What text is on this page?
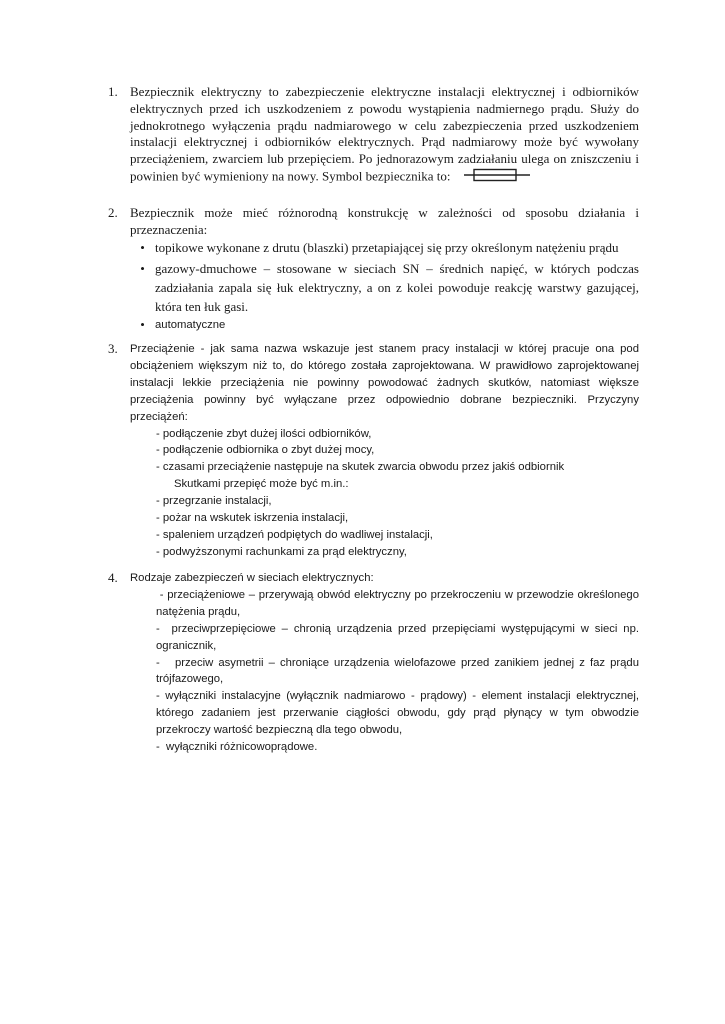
1. Bezpiecznik elektryczny to zabezpieczenie elektryczne instalacji elektrycznej i odbiorników elektrycznych przed ich uszkodzeniem z powodu wystąpienia nadmiernego prądu. Służy do jednokrotnego wyłączenia prądu nadmiarowego w celu zabezpieczenia przed uszkodzeniem instalacji elektrycznej i odbiorników elektrycznych. Prąd nadmiarowy może być wywołany przeciążeniem, zwarciem lub przepięciem. Po jednorazowym zadziałaniu ulega on zniszczeniu i powinien być wymieniony na nowy. Symbol bezpiecznika to:
2. Bezpiecznik może mieć różnorodną konstrukcję w zależności od sposobu działania i przeznaczenia:

• topikowe wykonane z drutu (blaszki) przetapiającej się przy określonym natężeniu prądu
• gazowy-dmuchowe – stosowane w sieciach SN – średnich napięć, w których podczas zadziałania zapala się łuk elektryczny, a on z kolei powoduje reakcję warstwy gazującej, która ten łuk gasi.
• automatyczne
3.	Przeciążenie - jak sama nazwa wskazuje jest stanem pracy instalacji w której pracuje ona pod obciążeniem większym niż to, do którego została zaprojektowana. W prawidłowo zaprojektowanej instalacji lekkie przeciążenia nie powinny powodować żadnych skutków, natomiast większe przeciążenia powinny być wyłączane przez odpowiednio dobrane bezpieczniki. Przyczyny przeciążeń:

- podłączenie zbyt dużej ilości odbiorników,

- podłączenie odbiornika o zbyt dużej mocy,

- czasami przeciążenie następuje na skutek zwarcia obwodu przez jakiś odbiornik

Skutkami przepięć może być m.in.:

- przegrzanie instalacji,

- pożar na wskutek iskrzenia instalacji,

- spaleniem urządzeń podpiętych do wadliwej instalacji,

- podwyższonymi rachunkami za prąd elektryczny,

4.	Rodzaje zabezpieczeń w sieciach elektrycznych:

- przeciążeniowe – przerywają obwód elektryczny po przekroczeniu w przewodzie określonego natężenia prądu,

-  przeciwprzepięciowe – chronią urządzenia przed przepięciami występującymi w sieci np. ogranicznik,

-   przeciw asymetrii – chroniące urządzenia wielofazowe przed zanikiem jednej z faz prądu trójfazowego,

- wyłączniki instalacyjne (wyłącznik nadmiarowo - prądowy) - element instalacji elektrycznej, którego zadaniem jest przerwanie ciągłości obwodu, gdy prąd płynący w tym obwodzie przekroczy wartość bezpieczną dla tego obwodu,

-  wyłączniki różnicowoprądowe.
